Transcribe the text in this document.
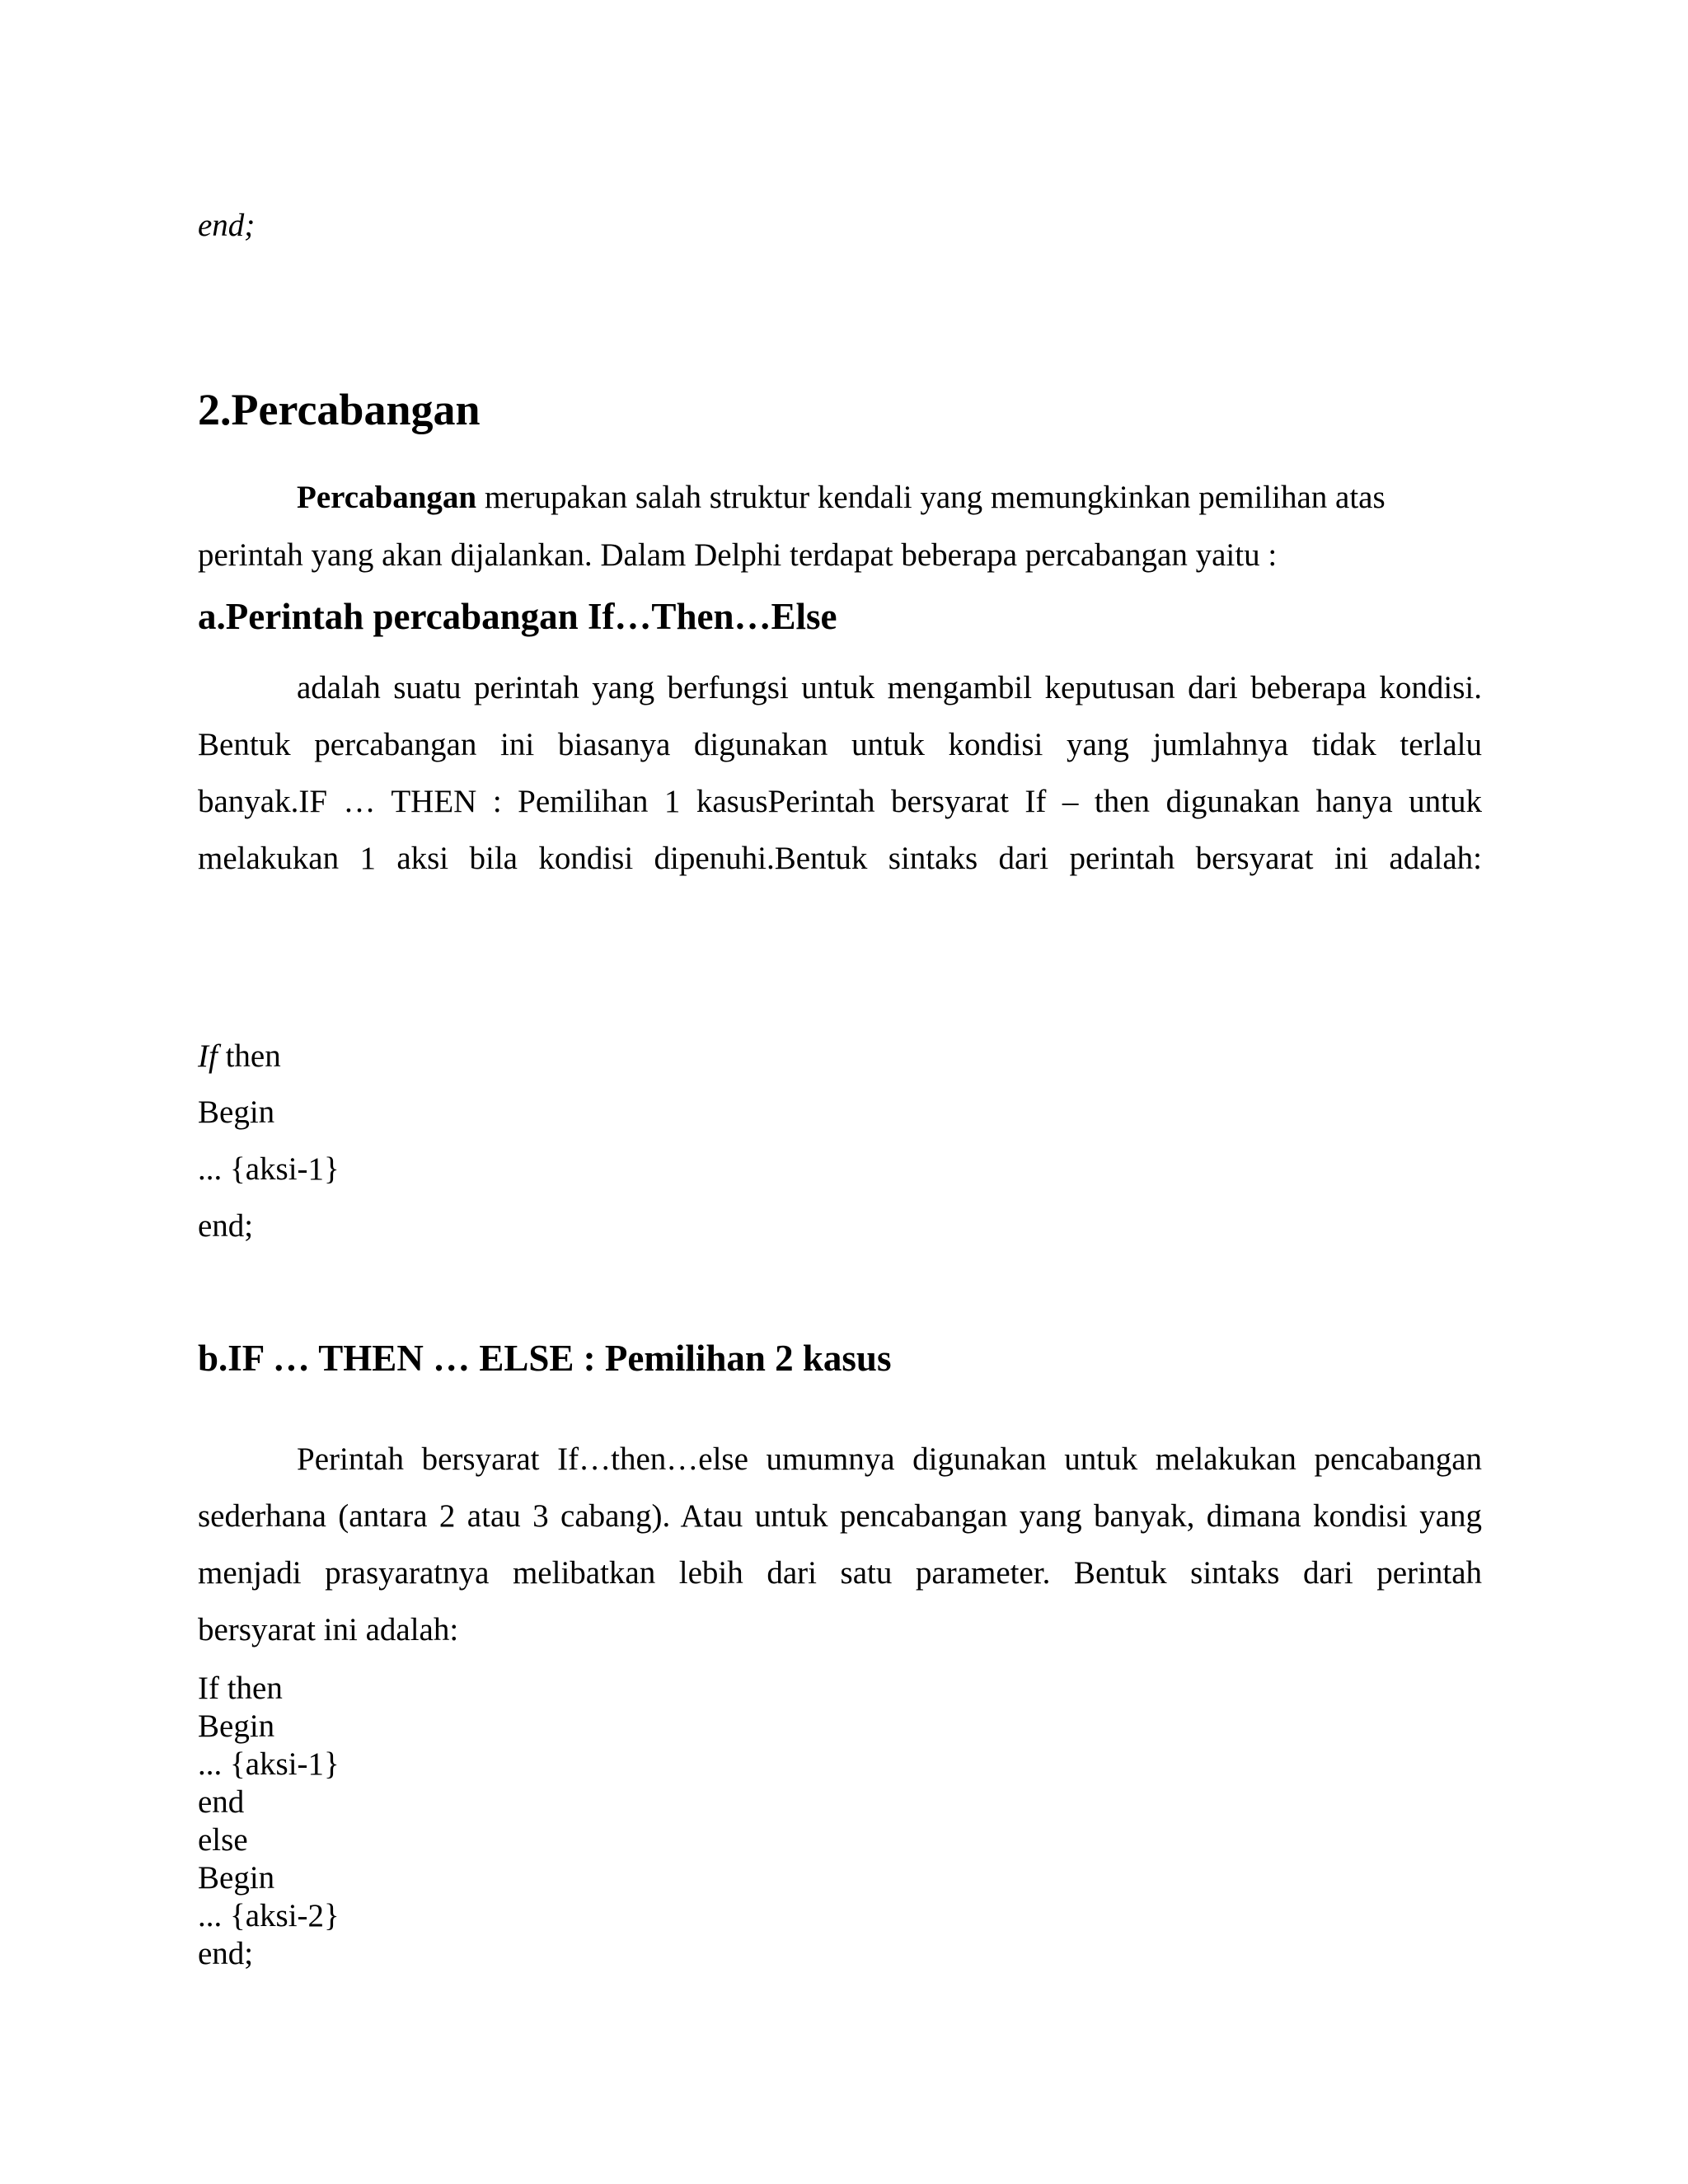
end;
2.Percabangan
Percabangan merupakan salah struktur kendali yang memungkinkan pemilihan atas
perintah yang akan dijalankan. Dalam Delphi terdapat beberapa percabangan yaitu :
a.Perintah percabangan If…Then…Else
adalah suatu perintah yang berfungsi untuk mengambil keputusan dari beberapa kondisi.
Bentuk percabangan ini biasanya digunakan untuk kondisi yang jumlahnya tidak terlalu
banyak.IF … THEN : Pemilihan 1 kasusPerintah bersyarat If – then digunakan hanya untuk
melakukan 1 aksi bila kondisi dipenuhi.Bentuk sintaks dari perintah bersyarat ini adalah:
If then
Begin
... {aksi-1}
end;
b.IF … THEN … ELSE : Pemilihan 2 kasus
Perintah bersyarat If…then…else umumnya digunakan untuk melakukan pencabangan
sederhana (antara 2 atau 3 cabang). Atau untuk pencabangan yang banyak, dimana kondisi yang
menjadi prasyaratnya melibatkan lebih dari satu parameter. Bentuk sintaks dari perintah
bersyarat ini adalah:
If then
Begin
... {aksi-1}
end
else
Begin
... {aksi-2}
end;
